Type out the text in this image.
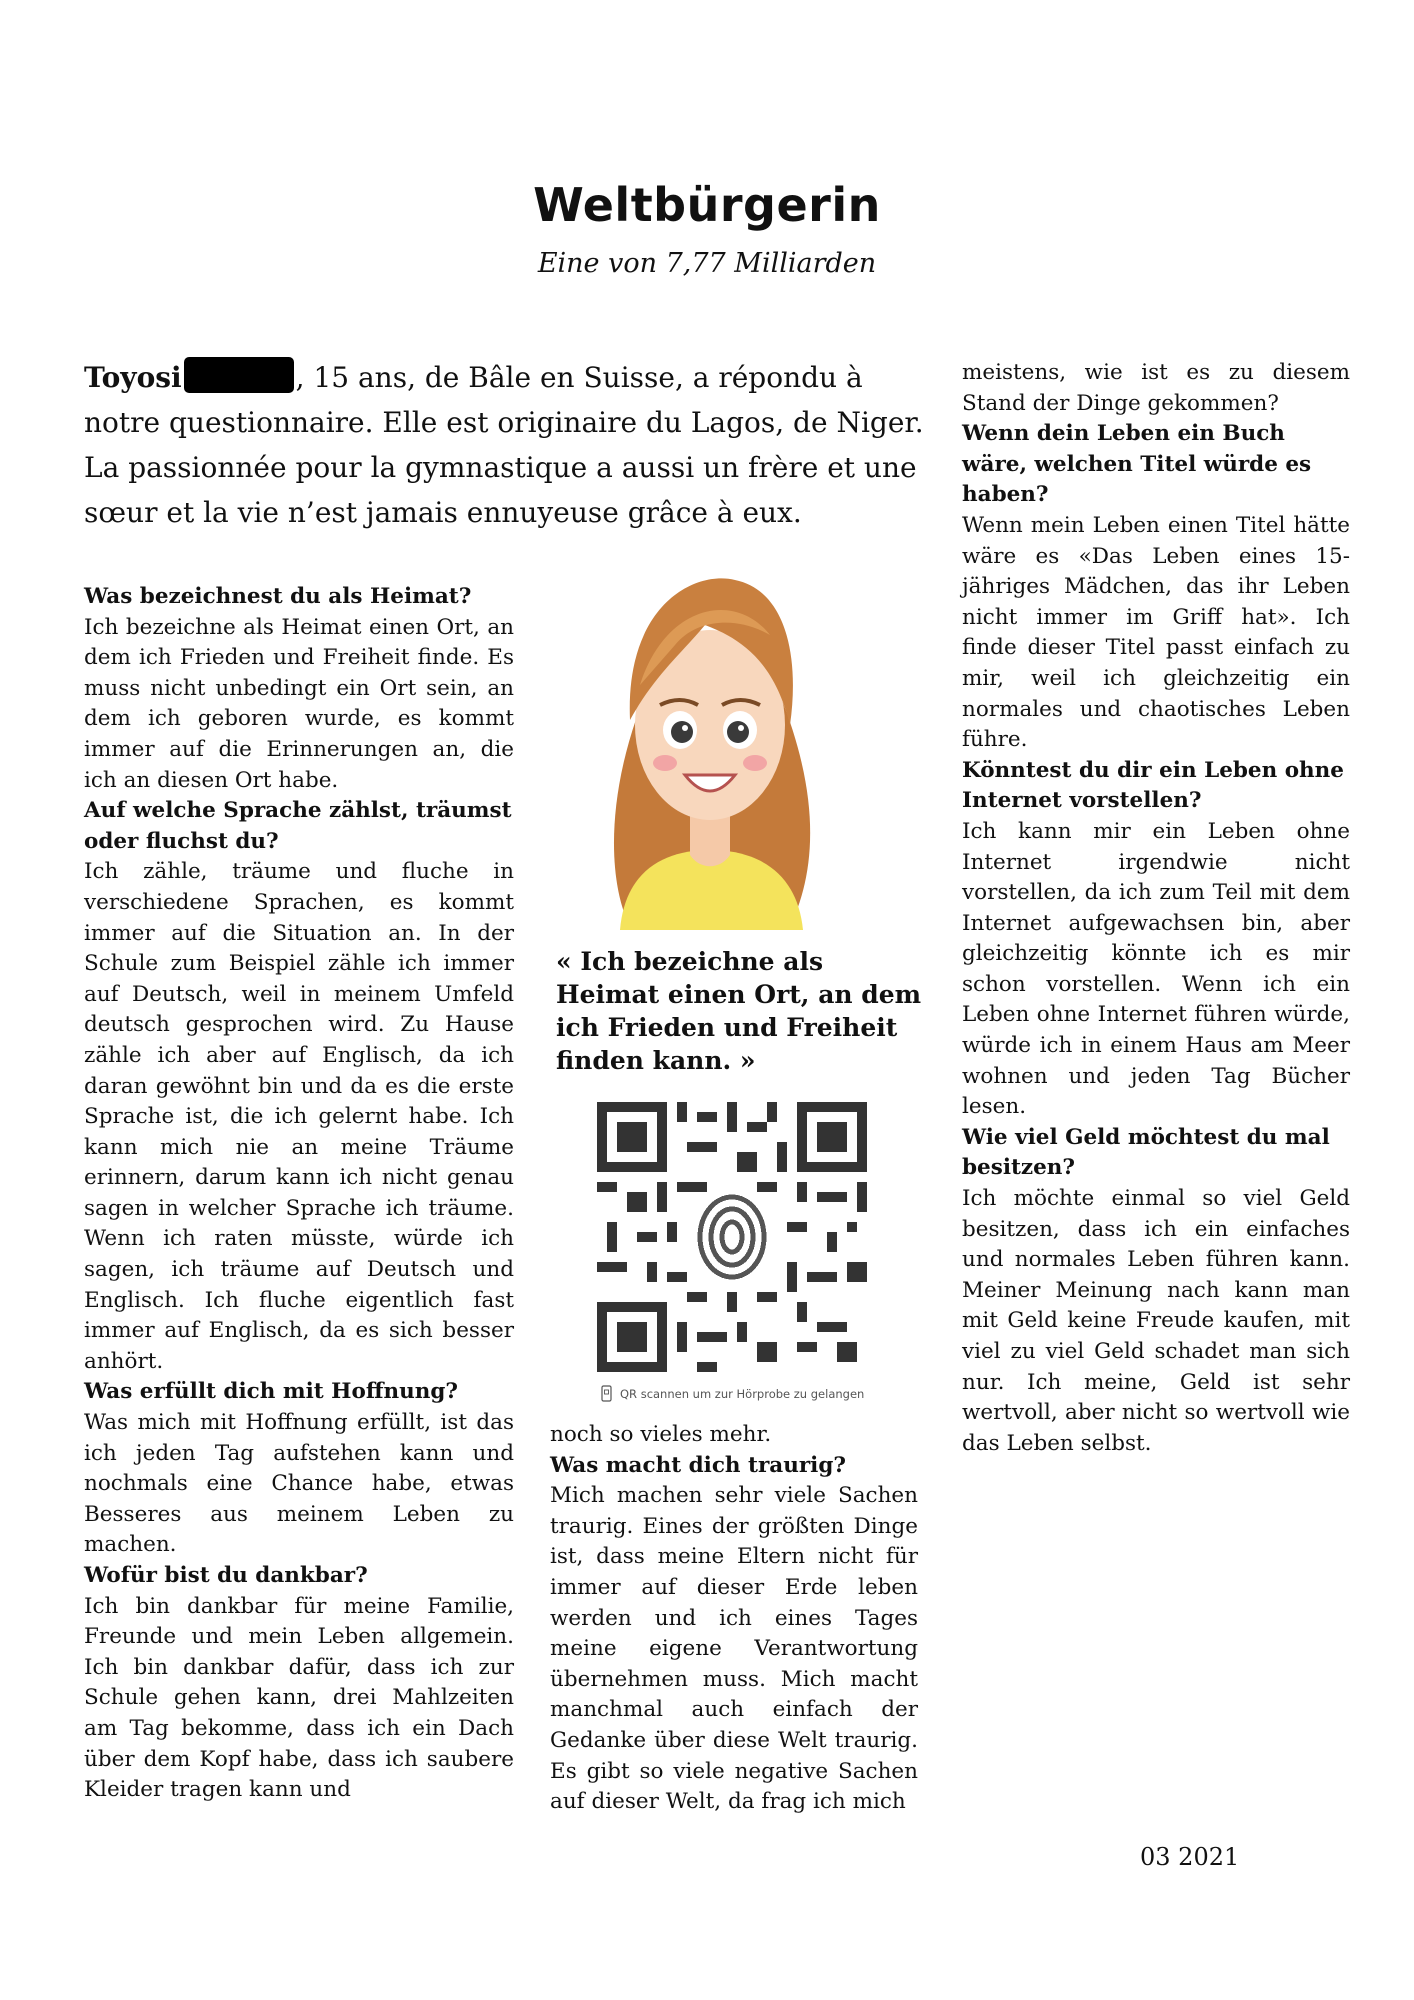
Weltbürgerin

Eine von 7,77 Milliarden

Toyosi	, 15 ans, de Bâle en Suisse, a répondu à notre questionnaire. Elle est originaire du Lagos, de Niger. La passionnée pour la gymnastique a aussi un frère et une sœur et la vie n’est jamais ennuyeuse grâce à eux.

Was bezeichnest du als Heimat?

Ich bezeichne als Heimat einen Ort, an dem ich Frieden und Freiheit finde. Es muss nicht unbedingt ein Ort sein, an dem ich geboren wurde, es kommt immer auf die Erinnerungen an, die ich an diesen Ort habe.

Auf welche Sprache zählst, träumst oder fluchst du?

Ich zähle, träume und fluche in verschiedene Sprachen, es kommt immer auf die Situation an. In der Schule zum Beispiel zähle ich immer auf Deutsch, weil in meinem Umfeld deutsch gesprochen wird. Zu Hause zähle ich aber auf Englisch, da ich daran gewöhnt bin und da es die erste Sprache ist, die ich gelernt habe. Ich kann mich nie an meine Träume erinnern, darum kann ich nicht genau sagen in welcher Sprache ich träume. Wenn ich raten müsste, würde ich sagen, ich träume auf Deutsch und Englisch. Ich fluche eigentlich fast immer auf Englisch, da es sich besser anhört.

Was erfüllt dich mit Hoffnung?

Was mich mit Hoffnung erfüllt, ist das ich jeden Tag aufstehen kann und nochmals eine Chance habe, etwas Besseres aus meinem Leben zu machen.

Wofür bist du dankbar?

Ich bin dankbar für meine Familie, Freunde und mein Leben allgemein. Ich bin dankbar dafür, dass ich zur Schule gehen kann, drei Mahlzeiten am Tag bekomme, dass ich ein Dach über dem Kopf habe, dass ich saubere Kleider tragen kann und

« Ich bezeichne als Heimat einen Ort, an dem ich Frieden und Freiheit finden kann. »

QR scannen um zur Hörprobe zu gelangen

noch so vieles mehr.

Was macht dich traurig?

Mich machen sehr viele Sachen traurig. Eines der größten Dinge ist, dass meine Eltern nicht für immer auf dieser Erde leben werden und ich eines Tages meine eigene Verantwortung übernehmen muss. Mich macht manchmal auch einfach der Gedanke über diese Welt traurig. Es gibt so viele negative Sachen auf dieser Welt, da frag ich mich

meistens, wie ist es zu diesem Stand der Dinge gekommen?

Wenn dein Leben ein Buch wäre, welchen Titel würde es haben?

Wenn mein Leben einen Titel hätte wäre es «Das Leben eines 15-jähriges Mädchen, das ihr Leben nicht immer im Griff hat». Ich finde dieser Titel passt einfach zu mir, weil ich gleichzeitig ein normales und chaotisches Leben führe.

Könntest du dir ein Leben ohne Internet vorstellen?

Ich kann mir ein Leben ohne Internet irgendwie nicht vorstellen, da ich zum Teil mit dem Internet aufgewachsen bin, aber gleichzeitig könnte ich es mir schon vorstellen. Wenn ich ein Leben ohne Internet führen würde, würde ich in einem Haus am Meer wohnen und jeden Tag Bücher lesen.

Wie viel Geld möchtest du mal besitzen?

Ich möchte einmal so viel Geld besitzen, dass ich ein einfaches und normales Leben führen kann. Meiner Meinung nach kann man mit Geld keine Freude kaufen, mit viel zu viel Geld schadet man sich nur. Ich meine, Geld ist sehr wertvoll, aber nicht so wertvoll wie das Leben selbst.

03 2021
